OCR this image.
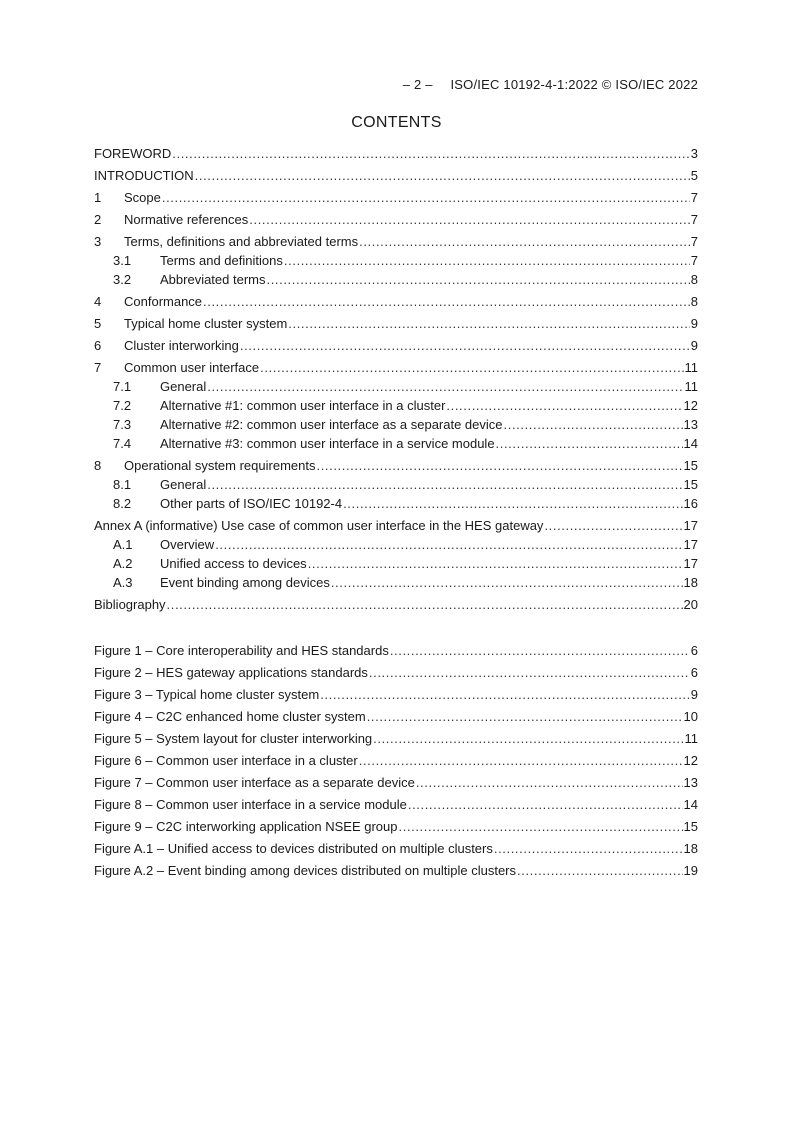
– 2 – ISO/IEC 10192-4-1:2022 © ISO/IEC 2022
CONTENTS
FOREWORD .....	3
INTRODUCTION .....	5
1	Scope .....	7
2	Normative references .....	7
3	Terms, definitions and abbreviated terms .....	7
3.1	Terms and definitions .....	7
3.2	Abbreviated terms .....	8
4	Conformance .....	8
5	Typical home cluster system .....	9
6	Cluster interworking .....	9
7	Common user interface .....	11
7.1	General .....	11
7.2	Alternative #1: common user interface in a cluster .....	12
7.3	Alternative #2: common user interface as a separate device .....	13
7.4	Alternative #3: common user interface in a service module .....	14
8	Operational system requirements .....	15
8.1	General .....	15
8.2	Other parts of ISO/IEC 10192-4 .....	16
Annex A (informative) Use case of common user interface in the HES gateway .....	17
A.1	Overview .....	17
A.2	Unified access to devices .....	17
A.3	Event binding among devices .....	18
Bibliography .....	20
Figure 1 – Core interoperability and HES standards .....	6
Figure 2 – HES gateway applications standards .....	6
Figure 3 – Typical home cluster system .....	9
Figure 4 – C2C enhanced home cluster system .....	10
Figure 5 – System layout for cluster interworking .....	11
Figure 6 – Common user interface in a cluster .....	12
Figure 7 – Common user interface as a separate device .....	13
Figure 8 – Common user interface in a service module .....	14
Figure 9 – C2C interworking application NSEE group .....	15
Figure A.1 – Unified access to devices distributed on multiple clusters .....	18
Figure A.2 – Event binding among devices distributed on multiple clusters .....	19
